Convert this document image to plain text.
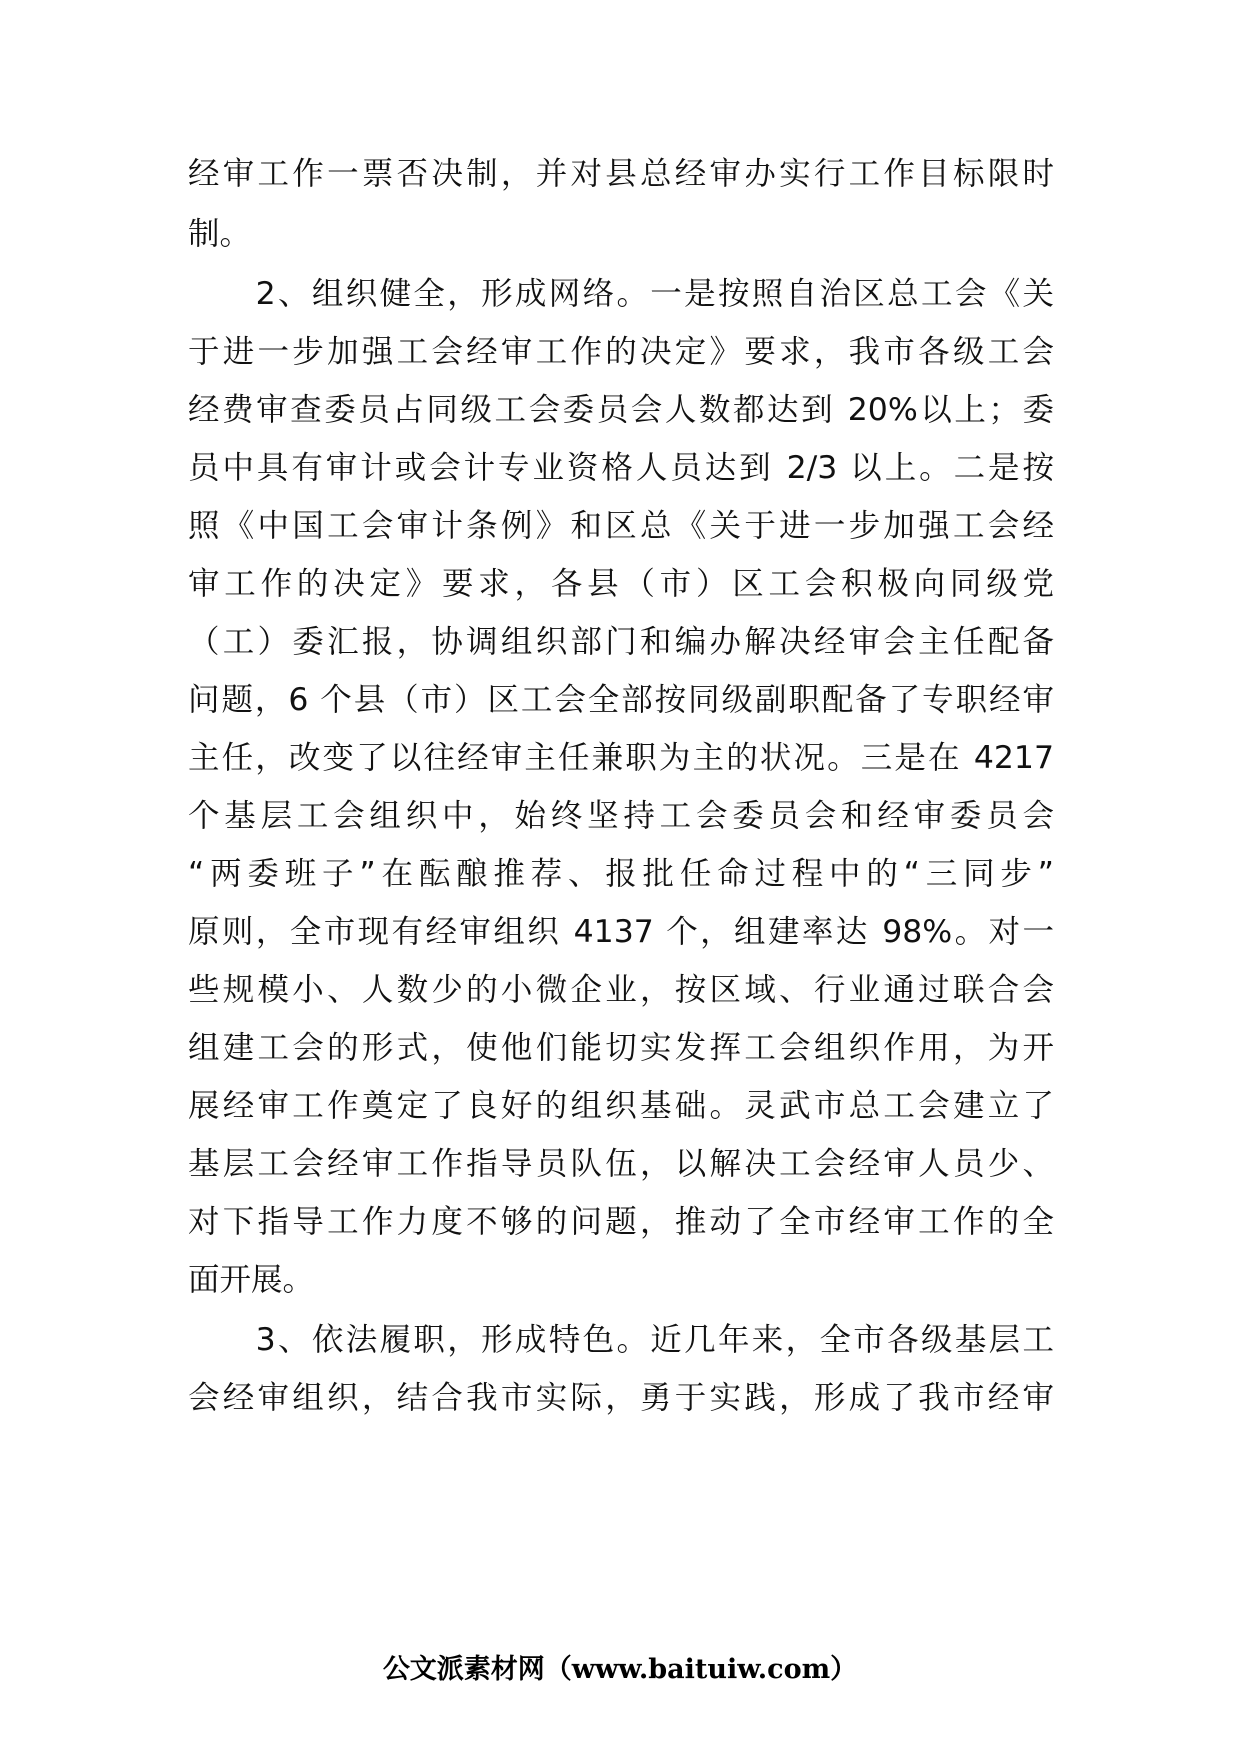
经审工作一票否决制，并对县总经审办实行工作目标限时
制。
　　2、组织健全，形成网络。一是按照自治区总工会《关
于进一步加强工会经审工作的决定》要求，我市各级工会
经费审查委员占同级工会委员会人数都达到 20%以上；委
员中具有审计或会计专业资格人员达到 2/3 以上。二是按
照《中国工会审计条例》和区总《关于进一步加强工会经
审工作的决定》要求，各县（市）区工会积极向同级党
（工）委汇报，协调组织部门和编办解决经审会主任配备
问题，6 个县（市）区工会全部按同级副职配备了专职经审
主任，改变了以往经审主任兼职为主的状况。三是在 4217
个基层工会组织中，始终坚持工会委员会和经审委员会
“两委班子”在酝酿推荐、报批任命过程中的“三同步”
原则，全市现有经审组织 4137 个，组建率达 98%。对一
些规模小、人数少的小微企业，按区域、行业通过联合会
组建工会的形式，使他们能切实发挥工会组织作用，为开
展经审工作奠定了良好的组织基础。灵武市总工会建立了
基层工会经审工作指导员队伍，以解决工会经审人员少、
对下指导工作力度不够的问题，推动了全市经审工作的全
面开展。
　　3、依法履职，形成特色。近几年来，全市各级基层工
会经审组织，结合我市实际，勇于实践，形成了我市经审
公文派素材网（www.baituiw.com）
